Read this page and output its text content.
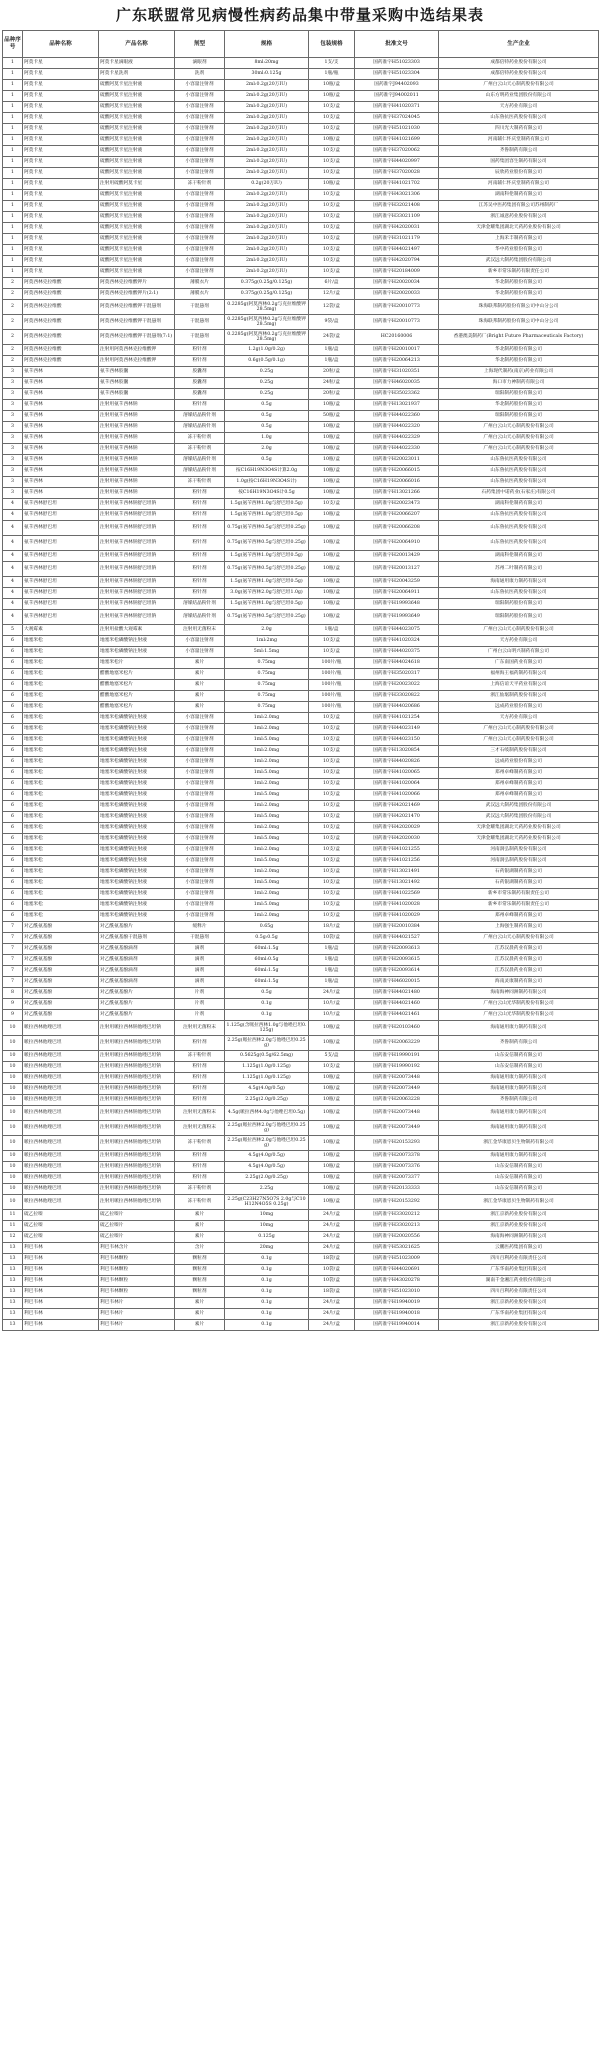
广东联盟常见病慢性病药品集中带量采购中选结果表
品种序号	品种名称	产品名称	剂型	规格	包装规格	批准文号	生产企业
1	阿莫卡星	阿莫卡星滴眼液	滴眼剂	8ml:20mg	1支/支	国药准字H51023303	成都倍特药业股份有限公司
1	阿莫卡星	阿莫卡星洗剂	洗剂	30ml:0.125g	1瓶/瓶	国药准字H51023304	成都倍特药业股份有限公司
1	阿莫卡星	硫酸阿莫卡星注射液	小容量注射剂	2ml:0.2g(20万IU)	10瓶/盒	国药准字J94402093	广州白云山天心制药股份有限公司
1	阿莫卡星	硫酸阿莫卡星注射液	小容量注射剂	2ml:0.2g(20万IU)	10瓶/盒	国药准字J94002011	山东方明药业集团股份有限公司
1	阿莫卡星	硫酸阿莫卡星注射液	小容量注射剂	2ml:0.2g(20万IU)	10支/盒	国药准字H41020371	天方药业有限公司
1	阿莫卡星	硫酸阿莫卡星注射液	小容量注射剂	2ml:0.2g(20万IU)	10支/盒	国药准字H37024045	山东鲁抗医药股份有限公司
1	阿莫卡星	硫酸阿莫卡星注射液	小容量注射剂	2ml:0.2g(20万IU)	10支/盒	国药准字H51021030	四川光大制药有限公司
1	阿莫卡星	硫酸阿莫卡星注射液	小容量注射剂	2ml:0.2g(20万IU)	10瓶/盒	国药准字H41021699	河南辅仁怀庆堂制药有限公司
1	阿莫卡星	硫酸阿莫卡星注射液	小容量注射剂	2ml:0.2g(20万IU)	10支/盒	国药准字H37020062	齐鲁制药有限公司
1	阿莫卡星	硫酸阿莫卡星注射液	小容量注射剂	2ml:0.2g(20万IU)	10支/盒	国药准字H44020997	国药集团容生制药有限公司
1	阿莫卡星	硫酸阿莫卡星注射液	小容量注射剂	2ml:0.2g(20万IU)	10支/盒	国药准字H37020028	辰欣药业股份有限公司
1	阿莫卡星	注射用硫酸阿莫卡星	冻干粉针剂	0.2g(20万IU)	10瓶/盒	国药准字H41021702	河南辅仁怀庆堂制药有限公司
1	阿莫卡星	硫酸阿莫卡星注射液	小容量注射剂	2ml:0.2g(20万IU)	10支/盒	国药准字H43021306	湖南科伦制药有限公司
1	阿莫卡星	硫酸阿莫卡星注射液	小容量注射剂	2ml:0.2g(20万IU)	10支/盒	国药准字H32021408	江苏吴中医药集团有限公司苏州制药厂
1	阿莫卡星	硫酸阿莫卡星注射液	小容量注射剂	2ml:0.2g(20万IU)	10支/盒	国药准字H33021109	浙江诚意药业股份有限公司
1	阿莫卡星	硫酸阿莫卡星注射液	小容量注射剂	2ml:0.2g(20万IU)	10支/盒	国药准字H42020031	天津金耀集团湖北天药药业股份有限公司
1	阿莫卡星	硫酸阿莫卡星注射液	小容量注射剂	2ml:0.2g(20万IU)	10支/盒	国药准字H31021179	上海禾丰制药有限公司
1	阿莫卡星	硫酸阿莫卡星注射液	小容量注射剂	2ml:0.2g(20万IU)	10支/盒	国药准字H44021497	华中药业股份有限公司
1	阿莫卡星	硫酸阿莫卡星注射液	小容量注射剂	2ml:0.2g(20万IU)	10支/盒	国药准字H42020794	武汉远大制药集团股份有限公司
1	阿莫卡星	硫酸阿莫卡星注射液	小容量注射剂	2ml:0.2g(20万IU)	10支/盒	国药准字H20184009	新乡市常乐制药有限责任公司
2	阿莫西林克拉维酸	阿莫西林克拉维酸钾片	薄膜衣片	0.375g(0.25g/0.125g)	6片/盒	国药准字H20020034	华北制药股份有限公司
2	阿莫西林克拉维酸	阿莫西林克拉维酸钾片(2:1)	薄膜衣片	0.375g(0.25g/0.125g)	12片/盒	国药准字H20020033	华北制药股份有限公司
2	阿莫西林克拉维酸	阿莫西林克拉维酸钾干混悬剂	干混悬剂	0.2285g(阿莫西林0.2g与克拉维酸钾28.5mg)	12袋/盒	国药准字H20010773	珠海联邦制药股份有限公司中山分公司
2	阿莫西林克拉维酸	阿莫西林克拉维酸钾干混悬剂	干混悬剂	0.2285g(阿莫西林0.2g与克拉维酸钾28.5mg)	9袋/盒	国药准字H20010773	珠海联邦制药股份有限公司中山分公司
2	阿莫西林克拉维酸	阿莫西林克拉维酸钾干混悬剂(7:1)	干混悬剂	0.2285g(阿莫西林0.2g与克拉维酸钾28.5mg)	24袋/盒	HC20160006	香港澳美制药厂(Bright Future Pharmaceuticals Factory)
2	阿莫西林克拉维酸	注射用阿莫西林克拉维酸钾	粉针剂	1.2g(1.0g/0.2g)	1瓶/盒	国药准字H20010017	华北制药股份有限公司
2	阿莫西林克拉维酸	注射用阿莫西林克拉维酸钾	粉针剂	0.6g(0.5g/0.1g)	1瓶/盒	国药准字H20064213	华北制药股份有限公司
3	氨苄西林	氨苄西林胶囊	胶囊剂	0.25g	20粒/盒	国药准字H31020351	上海现代制药(南京)药业有限公司
3	氨苄西林	氨苄西林胶囊	胶囊剂	0.25g	24粒/盒	国药准字H46020035	海口市力神制药有限公司
3	氨苄西林	氨苄西林胶囊	胶囊剂	0.25g	20粒/盒	国药准字H35023362	瑞阳制药股份有限公司
3	氨苄西林	注射用氨苄西林钠	粉针剂	0.5g	10瓶/盒	国药准字H13021937	华北制药股份有限公司
3	氨苄西林	注射用氨苄西林钠	溶媒结晶粉针剂	0.5g	50瓶/盒	国药准字H44022360	瑞阳制药股份有限公司
3	氨苄西林	注射用氨苄西林钠	溶媒结晶粉针剂	0.5g	10瓶/盒	国药准字H44022320	广州白云山天心制药股份有限公司
3	氨苄西林	注射用氨苄西林钠	冻干粉针剂	1.0g	10瓶/盒	国药准字H44022329	广州白云山天心制药股份有限公司
3	氨苄西林	注射用氨苄西林钠	冻干粉针剂	2.0g	10瓶/盒	国药准字H44022330	广州白云山天心制药股份有限公司
3	氨苄西林	注射用氨苄西林钠	溶媒结晶粉针剂	0.5g	10瓶/盒	国药准字H20023011	山东鲁抗医药股份有限公司
3	氨苄西林	注射用氨苄西林钠	溶媒结晶粉针剂	按C16H19N3O4S计算2.0g	10瓶/盒	国药准字H20066015	山东鲁抗医药股份有限公司
3	氨苄西林	注射用氨苄西林钠	冻干粉针剂	1.0g(按C16H19N3O4S计)	10瓶/盒	国药准字H20066016	山东鲁抗医药股份有限公司
3	氨苄西林	注射用氨苄西林钠	粉针剂	按C16H19N3O4S计0.5g	10瓶/盒	国药准字H13021266	石药集团中诺药业(石家庄)有限公司
4	氨苄西林舒巴坦	注射用氨苄西林钠舒巴坦钠	粉针剂	1.5g(氨苄西林1.0g与舒巴坦0.5g)	10支/盒	国药准字H20023473	湖南科伦制药有限公司
4	氨苄西林舒巴坦	注射用氨苄西林钠舒巴坦钠	粉针剂	1.5g(氨苄西林1.0g与舒巴坦0.5g)	10瓶/盒	国药准字H20066207	山东鲁抗医药股份有限公司
4	氨苄西林舒巴坦	注射用氨苄西林钠舒巴坦钠	粉针剂	0.75g(氨苄西林0.5g与舒巴坦0.25g)	10瓶/盒	国药准字H20066208	山东鲁抗医药股份有限公司
4	氨苄西林舒巴坦	注射用氨苄西林钠舒巴坦钠	粉针剂	0.75g(氨苄西林0.5g与舒巴坦0.25g)	10瓶/盒	国药准字H20064910	山东鲁抗医药股份有限公司
4	氨苄西林舒巴坦	注射用氨苄西林钠舒巴坦钠	粉针剂	1.5g(氨苄西林1.0g与舒巴坦0.5g)	10瓶/盒	国药准字H20013429	湖南科伦制药有限公司
4	氨苄西林舒巴坦	注射用氨苄西林钠舒巴坦钠	粉针剂	0.75g(氨苄西林0.5g与舒巴坦0.25g)	10瓶/盒	国药准字H20013127	苏州二叶制药有限公司
4	氨苄西林舒巴坦	注射用氨苄西林钠舒巴坦钠	粉针剂	1.5g(氨苄西林1.0g与舒巴坦0.5g)	10瓶/盒	国药准字H20043259	海南通用康力制药有限公司
4	氨苄西林舒巴坦	注射用氨苄西林钠舒巴坦钠	粉针剂	3.0g(氨苄西林2.0g与舒巴坦1.0g)	10瓶/盒	国药准字H20064911	山东鲁抗医药股份有限公司
4	氨苄西林舒巴坦	注射用氨苄西林钠舒巴坦钠	溶媒结晶粉针剂	1.5g(氨苄西林1.0g与舒巴坦0.5g)	10瓶/盒	国药准字H19993648	瑞阳制药股份有限公司
4	氨苄西林舒巴坦	注射用氨苄西林钠舒巴坦钠	溶媒结晶粉针剂	0.75g(氨苄西林0.5g与舒巴坦0.25g)	10瓶/盒	国药准字H19993649	瑞阳制药股份有限公司
5	大观霉素	注射用盐酸大观霉素	注射用无菌粉末	2.0g	1瓶/盒	国药准字H44023075	广州白云山天心制药股份有限公司
6	地塞米松	地塞米松磷酸钠注射液	小容量注射剂	1ml:2mg	10支/盒	国药准字H41020324	天方药业有限公司
6	地塞米松	地塞米松磷酸钠注射液	小容量注射剂	5ml:1.5mg	10支/盒	国药准字H44020375	广州白云山明兴制药有限公司
6	地塞米松	地塞米松片	素片	0.75mg	100片/瓶	国药准字H44024618	广东南国药业有限公司
6	地塞米松	醋酸地塞米松片	素片	0.75mg	100片/瓶	国药准字H35020317	福州海王福药制药有限公司
6	地塞米松	醋酸地塞米松片	素片	0.75mg	100片/瓶	国药准字H20023022	上海信谊天平药业有限公司
6	地塞米松	醋酸地塞米松片	素片	0.75mg	100片/瓶	国药准字H33020822	浙江仙琚制药股份有限公司
6	地塞米松	醋酸地塞米松片	素片	0.75mg	100片/瓶	国药准字H44020686	远成药业股份有限公司
6	地塞米松	地塞米松磷酸钠注射液	小容量注射剂	1ml:2.0mg	10支/盒	国药准字H41021254	天方药业有限公司
6	地塞米松	地塞米松磷酸钠注射液	小容量注射剂	1ml:2.0mg	10支/盒	国药准字H44023149	广州白云山天心制药股份有限公司
6	地塞米松	地塞米松磷酸钠注射液	小容量注射剂	1ml:5.0mg	10支/盒	国药准字H44023150	广州白云山天心制药股份有限公司
6	地塞米松	地塞米松磷酸钠注射液	小容量注射剂	1ml:2.0mg	10支/盒	国药准字H13020854	三才石岐制药股份有限公司
6	地塞米松	地塞米松磷酸钠注射液	小容量注射剂	1ml:2.0mg	10支/盒	国药准字H44020826	远成药业股份有限公司
6	地塞米松	地塞米松磷酸钠注射液	小容量注射剂	1ml:5.0mg	10支/盒	国药准字H41020065	郑州卓峰制药有限公司
6	地塞米松	地塞米松磷酸钠注射液	小容量注射剂	1ml:2.0mg	10支/盒	国药准字H41020064	郑州卓峰制药有限公司
6	地塞米松	地塞米松磷酸钠注射液	小容量注射剂	1ml:5.0mg	10支/盒	国药准字H41020066	郑州卓峰制药有限公司
6	地塞米松	地塞米松磷酸钠注射液	小容量注射剂	1ml:2.0mg	10支/盒	国药准字H42021469	武汉远大制药集团股份有限公司
6	地塞米松	地塞米松磷酸钠注射液	小容量注射剂	1ml:5.0mg	10支/盒	国药准字H42021470	武汉远大制药集团股份有限公司
6	地塞米松	地塞米松磷酸钠注射液	小容量注射剂	1ml:2.0mg	10支/盒	国药准字H42020029	天津金耀集团湖北天药药业股份有限公司
6	地塞米松	地塞米松磷酸钠注射液	小容量注射剂	1ml:5.0mg	10支/盒	国药准字H42020030	天津金耀集团湖北天药药业股份有限公司
6	地塞米松	地塞米松磷酸钠注射液	小容量注射剂	1ml:2.0mg	10支/盒	国药准字H41021255	河南润弘制药股份有限公司
6	地塞米松	地塞米松磷酸钠注射液	小容量注射剂	1ml:5.0mg	10支/盒	国药准字H41021256	河南润弘制药股份有限公司
6	地塞米松	地塞米松磷酸钠注射液	小容量注射剂	1ml:2.0mg	10支/盒	国药准字H13021491	石药银湖制药有限公司
6	地塞米松	地塞米松磷酸钠注射液	小容量注射剂	1ml:5.0mg	10支/盒	国药准字H13021492	石药银湖制药有限公司
6	地塞米松	地塞米松磷酸钠注射液	小容量注射剂	1ml:2.0mg	10支/盒	国药准字H41022569	新乡市常乐制药有限责任公司
6	地塞米松	地塞米松磷酸钠注射液	小容量注射剂	1ml:5.0mg	10支/盒	国药准字H41020028	新乡市常乐制药有限责任公司
6	地塞米松	地塞米松磷酸钠注射液	小容量注射剂	1ml:2.0mg	10支/盒	国药准字H41020029	郑州卓峰制药有限公司
7	对乙酰氨基酚	对乙酰氨基酚片	缓释片	0.65g	18片/盒	国药准字H20010384	上海强生制药有限公司
7	对乙酰氨基酚	对乙酰氨基酚干混悬剂	干混悬剂	0.5g:0.5g	10袋/盒	国药准字H44021527	广州白云山天心制药股份有限公司
7	对乙酰氨基酚	对乙酰氨基酚滴剂	滴剂	60ml:1.5g	1瓶/盒	国药准字H20093613	江苏汉晨药业有限公司
7	对乙酰氨基酚	对乙酰氨基酚滴剂	滴剂	60ml:0.5g	1瓶/盒	国药准字H20093615	江苏汉晨药业有限公司
7	对乙酰氨基酚	对乙酰氨基酚滴剂	滴剂	60ml:1.5g	1瓶/盒	国药准字H20093614	江苏汉晨药业有限公司
7	对乙酰氨基酚	对乙酰氨基酚滴剂	滴剂	60ml:1.5g	1瓶/盒	国药准字H46020015	海南灵康制药有限公司
8	对乙酰氨基酚	对乙酰氨基酚片	片剂	0.5g	24片/盒	国药准字H44021480	海南海神同洲制药有限公司
9	对乙酰氨基酚	对乙酰氨基酚片	片剂	0.1g	10片/盒	国药准字H44021460	广州白云山光华制药股份有限公司
9	对乙酰氨基酚	对乙酰氨基酚片	片剂	0.1g	10片/盒	国药准字H44021461	广州白云山光华制药股份有限公司
10	哌拉西林他唑巴坦	注射用哌拉西林钠他唑巴坦钠	注射用无菌粉末	1.125g(含哌拉西林1.0g与他唑巴坦0.125g)	10瓶/盒	国药准字H20103460	海南通用康力制药有限公司
10	哌拉西林他唑巴坦	注射用哌拉西林钠他唑巴坦钠	粉针剂	2.25g(哌拉西林2.0g与他唑巴坦0.25g)	10瓶/盒	国药准字H20063229	齐鲁制药有限公司
10	哌拉西林他唑巴坦	注射用哌拉西林钠他唑巴坦钠	冻干粉针剂	0.5625g(0.5g/62.5mg)	5支/盒	国药准字H19990191	山东安信制药有限公司
10	哌拉西林他唑巴坦	注射用哌拉西林钠他唑巴坦钠	粉针剂	1.125g(1.0g/0.125g)	10支/盒	国药准字H19990192	山东安信制药有限公司
10	哌拉西林他唑巴坦	注射用哌拉西林钠他唑巴坦钠	粉针剂	1.125g(1.0g/0.125g)	10瓶/盒	国药准字H20073448	海南通用康力制药有限公司
10	哌拉西林他唑巴坦	注射用哌拉西林钠他唑巴坦钠	粉针剂	4.5g(4.0g/0.5g)	10瓶/盒	国药准字H20073449	海南通用康力制药有限公司
10	哌拉西林他唑巴坦	注射用哌拉西林钠他唑巴坦钠	粉针剂	2.25g(2.0g/0.25g)	10瓶/盒	国药准字H20063228	齐鲁制药有限公司
10	哌拉西林他唑巴坦	注射用哌拉西林钠他唑巴坦钠	注射用无菌粉末	4.5g(哌拉西林4.0g与他唑巴坦0.5g)	10瓶/盒	国药准字H20073448	海南通用康力制药有限公司
10	哌拉西林他唑巴坦	注射用哌拉西林钠他唑巴坦钠	注射用无菌粉末	2.25g(哌拉西林2.0g与他唑巴坦0.25g)	10瓶/盒	国药准字H20073449	海南通用康力制药有限公司
10	哌拉西林他唑巴坦	注射用哌拉西林钠他唑巴坦钠	冻干粉针剂	2.25g(哌拉西林2.0g与他唑巴坦0.25g)	10瓶/盒	国药准字H20153293	浙江金华康恩贝生物制药有限公司
10	哌拉西林他唑巴坦	注射用哌拉西林钠他唑巴坦钠	粉针剂	4.5g(4.0g/0.5g)	10瓶/盒	国药准字H20073378	海南通用康力制药有限公司
10	哌拉西林他唑巴坦	注射用哌拉西林钠他唑巴坦钠	粉针剂	4.5g(4.0g/0.5g)	10瓶/盒	国药准字H20073376	山东安信制药有限公司
10	哌拉西林他唑巴坦	注射用哌拉西林钠他唑巴坦钠	粉针剂	2.25g(2.0g/0.25g)	10瓶/盒	国药准字H20073377	山东安信制药有限公司
10	哌拉西林他唑巴坦	注射用哌拉西林钠他唑巴坦钠	冻干粉针剂	2.25g	10瓶/盒	国药准字H20133333	山东安信制药有限公司
10	哌拉西林他唑巴坦	注射用哌拉西林钠他唑巴坦钠	冻干粉针剂	2.25g(C23H27N5O7S 2.0g与C10H12N4O5S 0.25g)	10瓶/盒	国药准字H20153292	浙江金华康恩贝生物制药有限公司
11	硫乙拉嗪	硫乙拉嗪片	素片	10mg	24片/盒	国药准字H33020212	浙江京新药业股份有限公司
11	硫乙拉嗪	硫乙拉嗪片	素片	10mg	24片/盒	国药准字H33020213	浙江京新药业股份有限公司
12	硫乙拉嗪	硫乙拉嗪片	素片	0.125g	24片/盒	国药准字H20020556	海南海神同洲制药有限公司
13	利巴韦林	利巴韦林含片	含片	20mg	24片/盒	国药准字H53021625	云鹏医药集团有限公司
13	利巴韦林	利巴韦林颗粒	颗粒剂	0.1g	18袋/盒	国药准字H51023009	四川百利药业有限责任公司
13	利巴韦林	利巴韦林颗粒	颗粒剂	0.1g	10袋/盒	国药准字H44020691	广东华南药业集团有限公司
13	利巴韦林	利巴韦林颗粒	颗粒剂	0.1g	10袋/盒	国药准字H43020278	湖南千金湘江药业股份有限公司
13	利巴韦林	利巴韦林颗粒	颗粒剂	0.1g	18袋/盒	国药准字H51023010	四川百利药业有限责任公司
13	利巴韦林	利巴韦林片	素片	0.1g	24片/盒	国药准字H19940019	浙江京新药业股份有限公司
13	利巴韦林	利巴韦林片	素片	0.1g	24片/盒	国药准字H19940018	广东华南药业集团有限公司
13	利巴韦林	利巴韦林片	素片	0.1g	24片/盒	国药准字H19940014	浙江京新药业股份有限公司
